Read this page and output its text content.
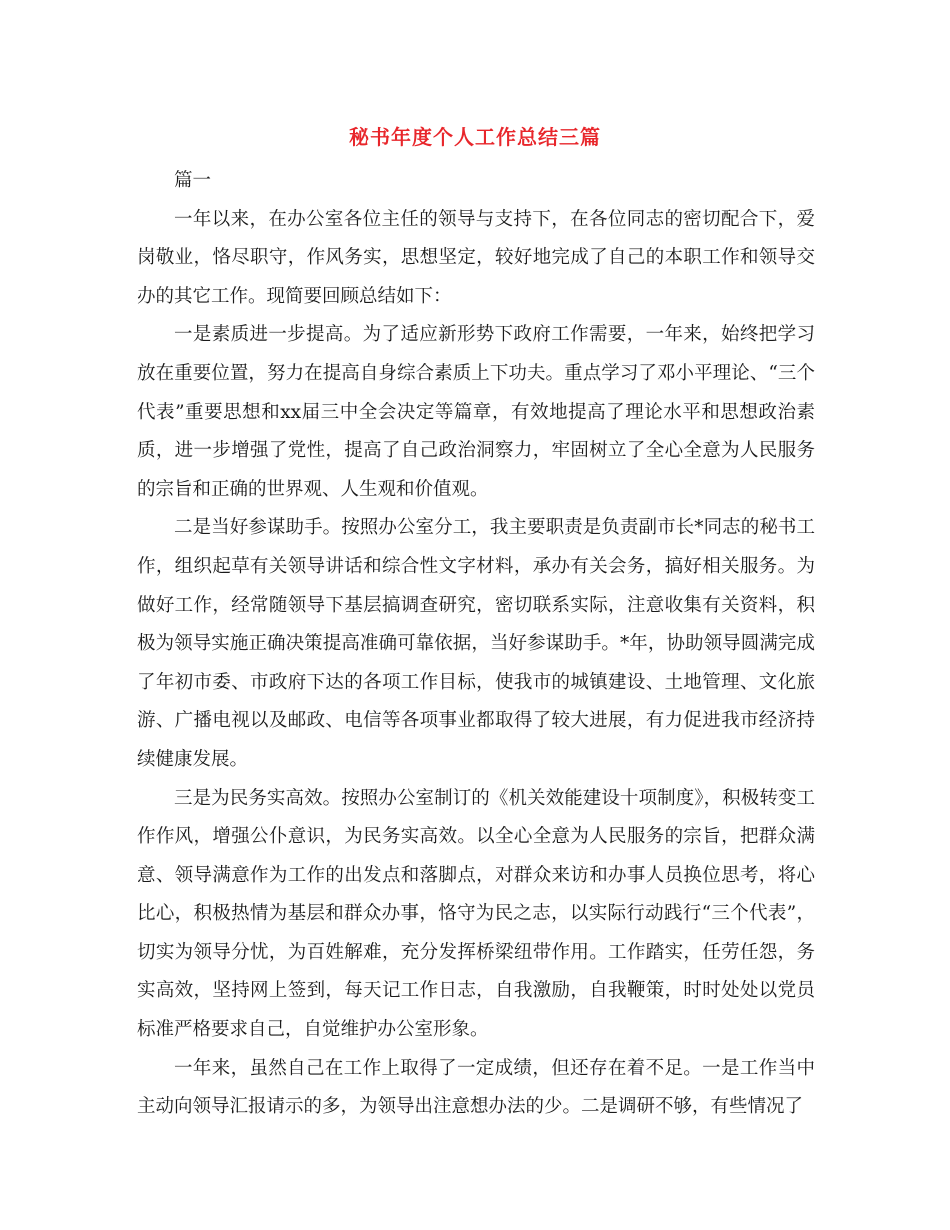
秘书年度个人工作总结三篇

篇一

一年以来，在办公室各位主任的领导与支持下，在各位同志的密切配合下，爱岗敬业，恪尽职守，作风务实，思想坚定，较好地完成了自己的本职工作和领导交办的其它工作。现简要回顾总结如下：

一是素质进一步提高。为了适应新形势下政府工作需要，一年来，始终把学习放在重要位置，努力在提高自身综合素质上下功夫。重点学习了邓小平理论、“三个代表”重要思想和xx届三中全会决定等篇章，有效地提高了理论水平和思想政治素质，进一步增强了党性，提高了自己政治洞察力，牢固树立了全心全意为人民服务的宗旨和正确的世界观、人生观和价值观。

二是当好参谋助手。按照办公室分工，我主要职责是负责副市长*同志的秘书工作，组织起草有关领导讲话和综合性文字材料，承办有关会务，搞好相关服务。为做好工作，经常随领导下基层搞调查研究，密切联系实际，注意收集有关资料，积极为领导实施正确决策提高准确可靠依据，当好参谋助手。*年，协助领导圆满完成了年初市委、市政府下达的各项工作目标，使我市的城镇建设、土地管理、文化旅游、广播电视以及邮政、电信等各项事业都取得了较大进展，有力促进我市经济持续健康发展。

三是为民务实高效。按照办公室制订的《机关效能建设十项制度》，积极转变工作作风，增强公仆意识，为民务实高效。以全心全意为人民服务的宗旨，把群众满意、领导满意作为工作的出发点和落脚点，对群众来访和办事人员换位思考，将心比心，积极热情为基层和群众办事，恪守为民之志，以实际行动践行“三个代表”，切实为领导分忧，为百姓解难，充分发挥桥梁纽带作用。工作踏实，任劳任怨，务实高效，坚持网上签到，每天记工作日志，自我激励，自我鞭策，时时处处以党员标准严格要求自己，自觉维护办公室形象。

一年来，虽然自己在工作上取得了一定成绩，但还存在着不足。一是工作当中主动向领导汇报请示的多，为领导出注意想办法的少。二是调研不够，有些情况了
